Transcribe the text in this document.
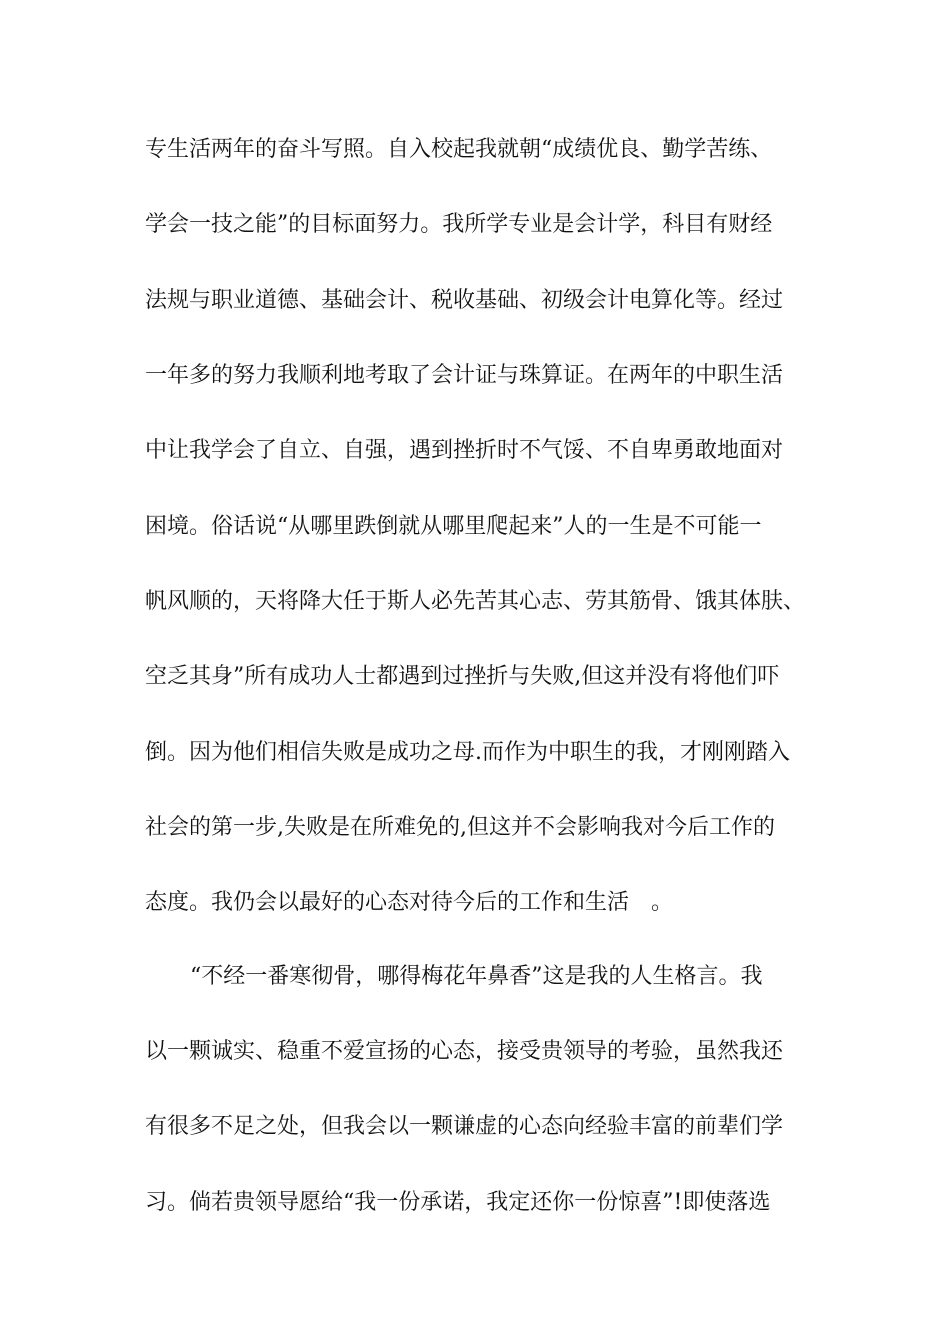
专生活两年的奋斗写照。自入校起我就朝“成绩优良、勤学苦练、
学会一技之能”的目标面努力。我所学专业是会计学，科目有财经
法规与职业道德、基础会计、税收基础、初级会计电算化等。经过
一年多的努力我顺利地考取了会计证与珠算证。在两年的中职生活
中让我学会了自立、自强，遇到挫折时不气馁、不自卑勇敢地面对
困境。俗话说“从哪里跌倒就从哪里爬起来”人的一生是不可能一
帆风顺的，天将降大任于斯人必先苦其心志、劳其筋骨、饿其体肤、
空乏其身”所有成功人士都遇到过挫折与失败,但这并没有将他们吓
倒。因为他们相信失败是成功之母.而作为中职生的我，才刚刚踏入
社会的第一步,失败是在所难免的,但这并不会影响我对今后工作的
态度。我仍会以最好的心态对待今后的工作和生活　。
“不经一番寒彻骨，哪得梅花年鼻香”这是我的人生格言。我
以一颗诚实、稳重不爱宣扬的心态，接受贵领导的考验，虽然我还
有很多不足之处，但我会以一颗谦虚的心态向经验丰富的前辈们学
习。倘若贵领导愿给“我一份承诺，我定还你一份惊喜”!即使落选
